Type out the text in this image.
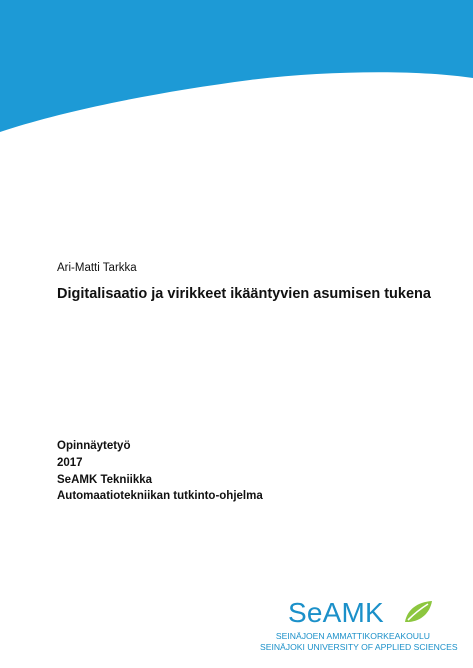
Ari-Matti Tarkka
Digitalisaatio ja virikkeet ikääntyvien asumisen tukena
Opinnäytetyö
2017
SeAMK Tekniikka
Automaatiotekniikan tutkinto-ohjelma
SeAMK
SEINÄJOEN AMMATTIKORKEAKOULU
SEINÄJOKI UNIVERSITY OF APPLIED SCIENCES
